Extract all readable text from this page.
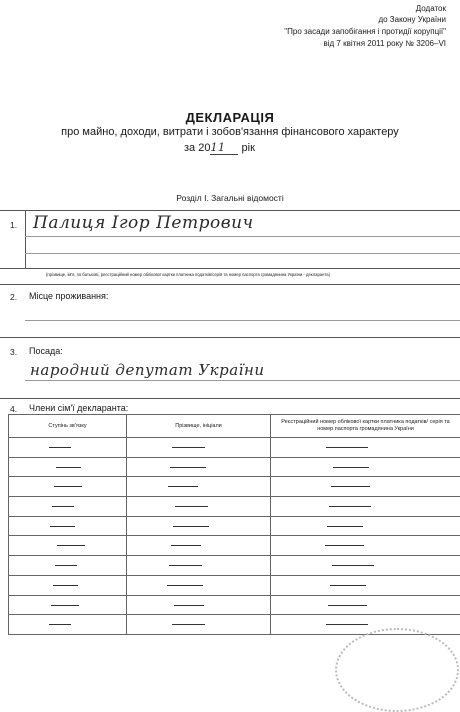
Додаток
до Закону України
"Про засади запобігання і протидії корупції"
від 7 квітня 2011 року № 3206–VI
ДЕКЛАРАЦІЯ
про майно, доходи, витрати і зобов'язання фінансового характеру
за 2011 рік
Розділ І. Загальні відомості
1. Палиця Ігор Петрович
(прізвище, ім'я, по батькові, реєстраційний номер облікової картки платника податків/серія та номер паспорта громадянина України - декларанта)
2. Місце проживання:
3. Посада:
народний депутат України
4. Члени сім'ї декларанта:
Ступінь зв'язку	Прізвище, ініціали	Реєстраційний номер облікової картки платника податків/ серія та номер паспорта громадянина України
